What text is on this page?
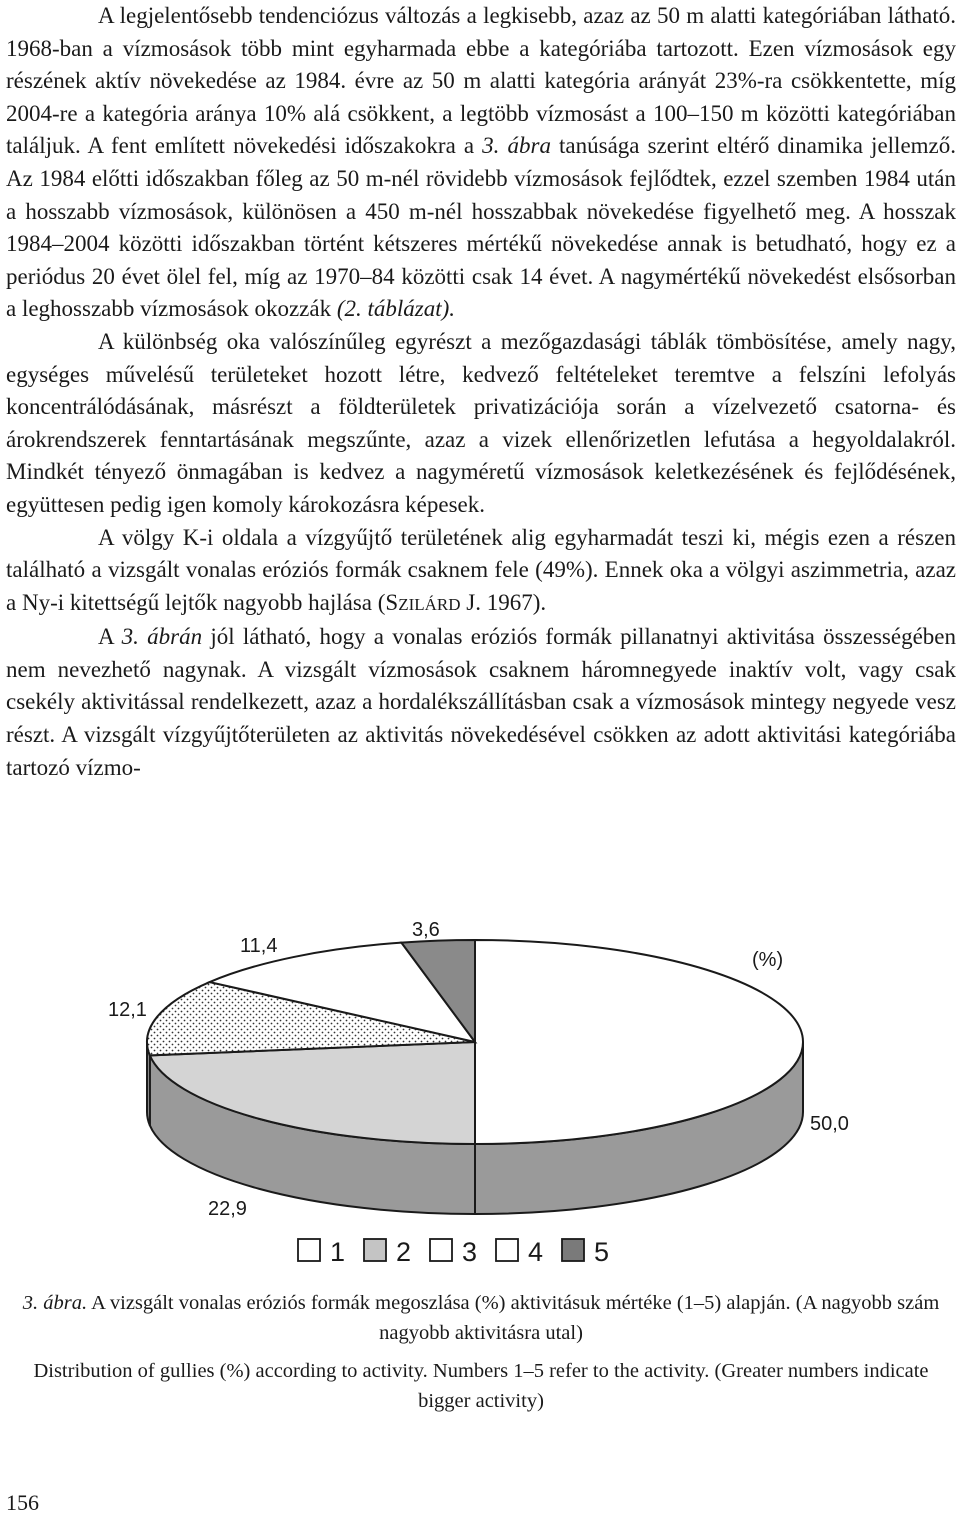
A legjelentősebb tendenciózus változás a legkisebb, azaz az 50 m alatti kategóriában látható. 1968-ban a vízmosások több mint egyharmada ebbe a kategóriába tartozott. Ezen vízmosások egy részének aktív növekedése az 1984. évre az 50 m alatti kategória arányát 23%-ra csökkentette, míg 2004-re a kategória aránya 10% alá csökkent, a legtöbb vízmosást a 100–150 m közötti kategóriában találjuk. A fent említett növekedési időszakokra a 3. ábra tanúsága szerint eltérő dinamika jellemző. Az 1984 előtti időszakban főleg az 50 m-nél rövidebb vízmosások fejlődtek, ezzel szemben 1984 után a hosszabb vízmosások, különösen a 450 m-nél hosszabbak növekedése figyelhető meg. A hosszak 1984–2004 közötti időszakban történt kétszeres mértékű növekedése annak is betudható, hogy ez a periódus 20 évet ölel fel, míg az 1970–84 közötti csak 14 évet. A nagymértékű növekedést elsősorban a leghosszabb vízmosások okozzák (2. táblázat).

A különbség oka valószínűleg egyrészt a mezőgazdasági táblák tömbösítése, amely nagy, egységes művelésű területeket hozott létre, kedvező feltételeket teremtve a felszíni lefolyás koncentrálódásának, másrészt a földterületek privatizációja során a vízelvezető csatorna- és árokrendszerek fenntartásának megszűnte, azaz a vizek ellenőrizetlen lefutása a hegyoldalakról. Mindkét tényező önmagában is kedvez a nagyméretű vízmosások keletkezésének és fejlődésének, együttesen pedig igen komoly károkozásra képesek.

A völgy K-i oldala a vízgyűjtő területének alig egyharmadát teszi ki, mégis ezen a részen található a vizsgált vonalas eróziós formák csaknem fele (49%). Ennek oka a völgyi aszimmetria, azaz a Ny-i kitettségű lejtők nagyobb hajlása (SZILÁRD J. 1967).

A 3. ábrán jól látható, hogy a vonalas eróziós formák pillanatnyi aktivitása összességében nem nevezhető nagynak. A vizsgált vízmosások csaknem háromnegyede inaktív volt, vagy csak csekély aktivitással rendelkezett, azaz a hordalékszállításban csak a vízmosások mintegy negyede vesz részt. A vizsgált vízgyűjtőterületen az aktivitás növekedésével csökken az adott aktivitási kategóriába tartozó vízmo-

50,0
22,9
12,1
11,4
3,6
(%)
1 2 3 4 5
3. ábra. A vizsgált vonalas eróziós formák megoszlása (%) aktivitásuk mértéke (1–5) alapján. (A nagyobb szám nagyobb aktivitásra utal)
Distribution of gullies (%) according to activity. Numbers 1–5 refer to the activity. (Greater numbers indicate bigger activity)
156
